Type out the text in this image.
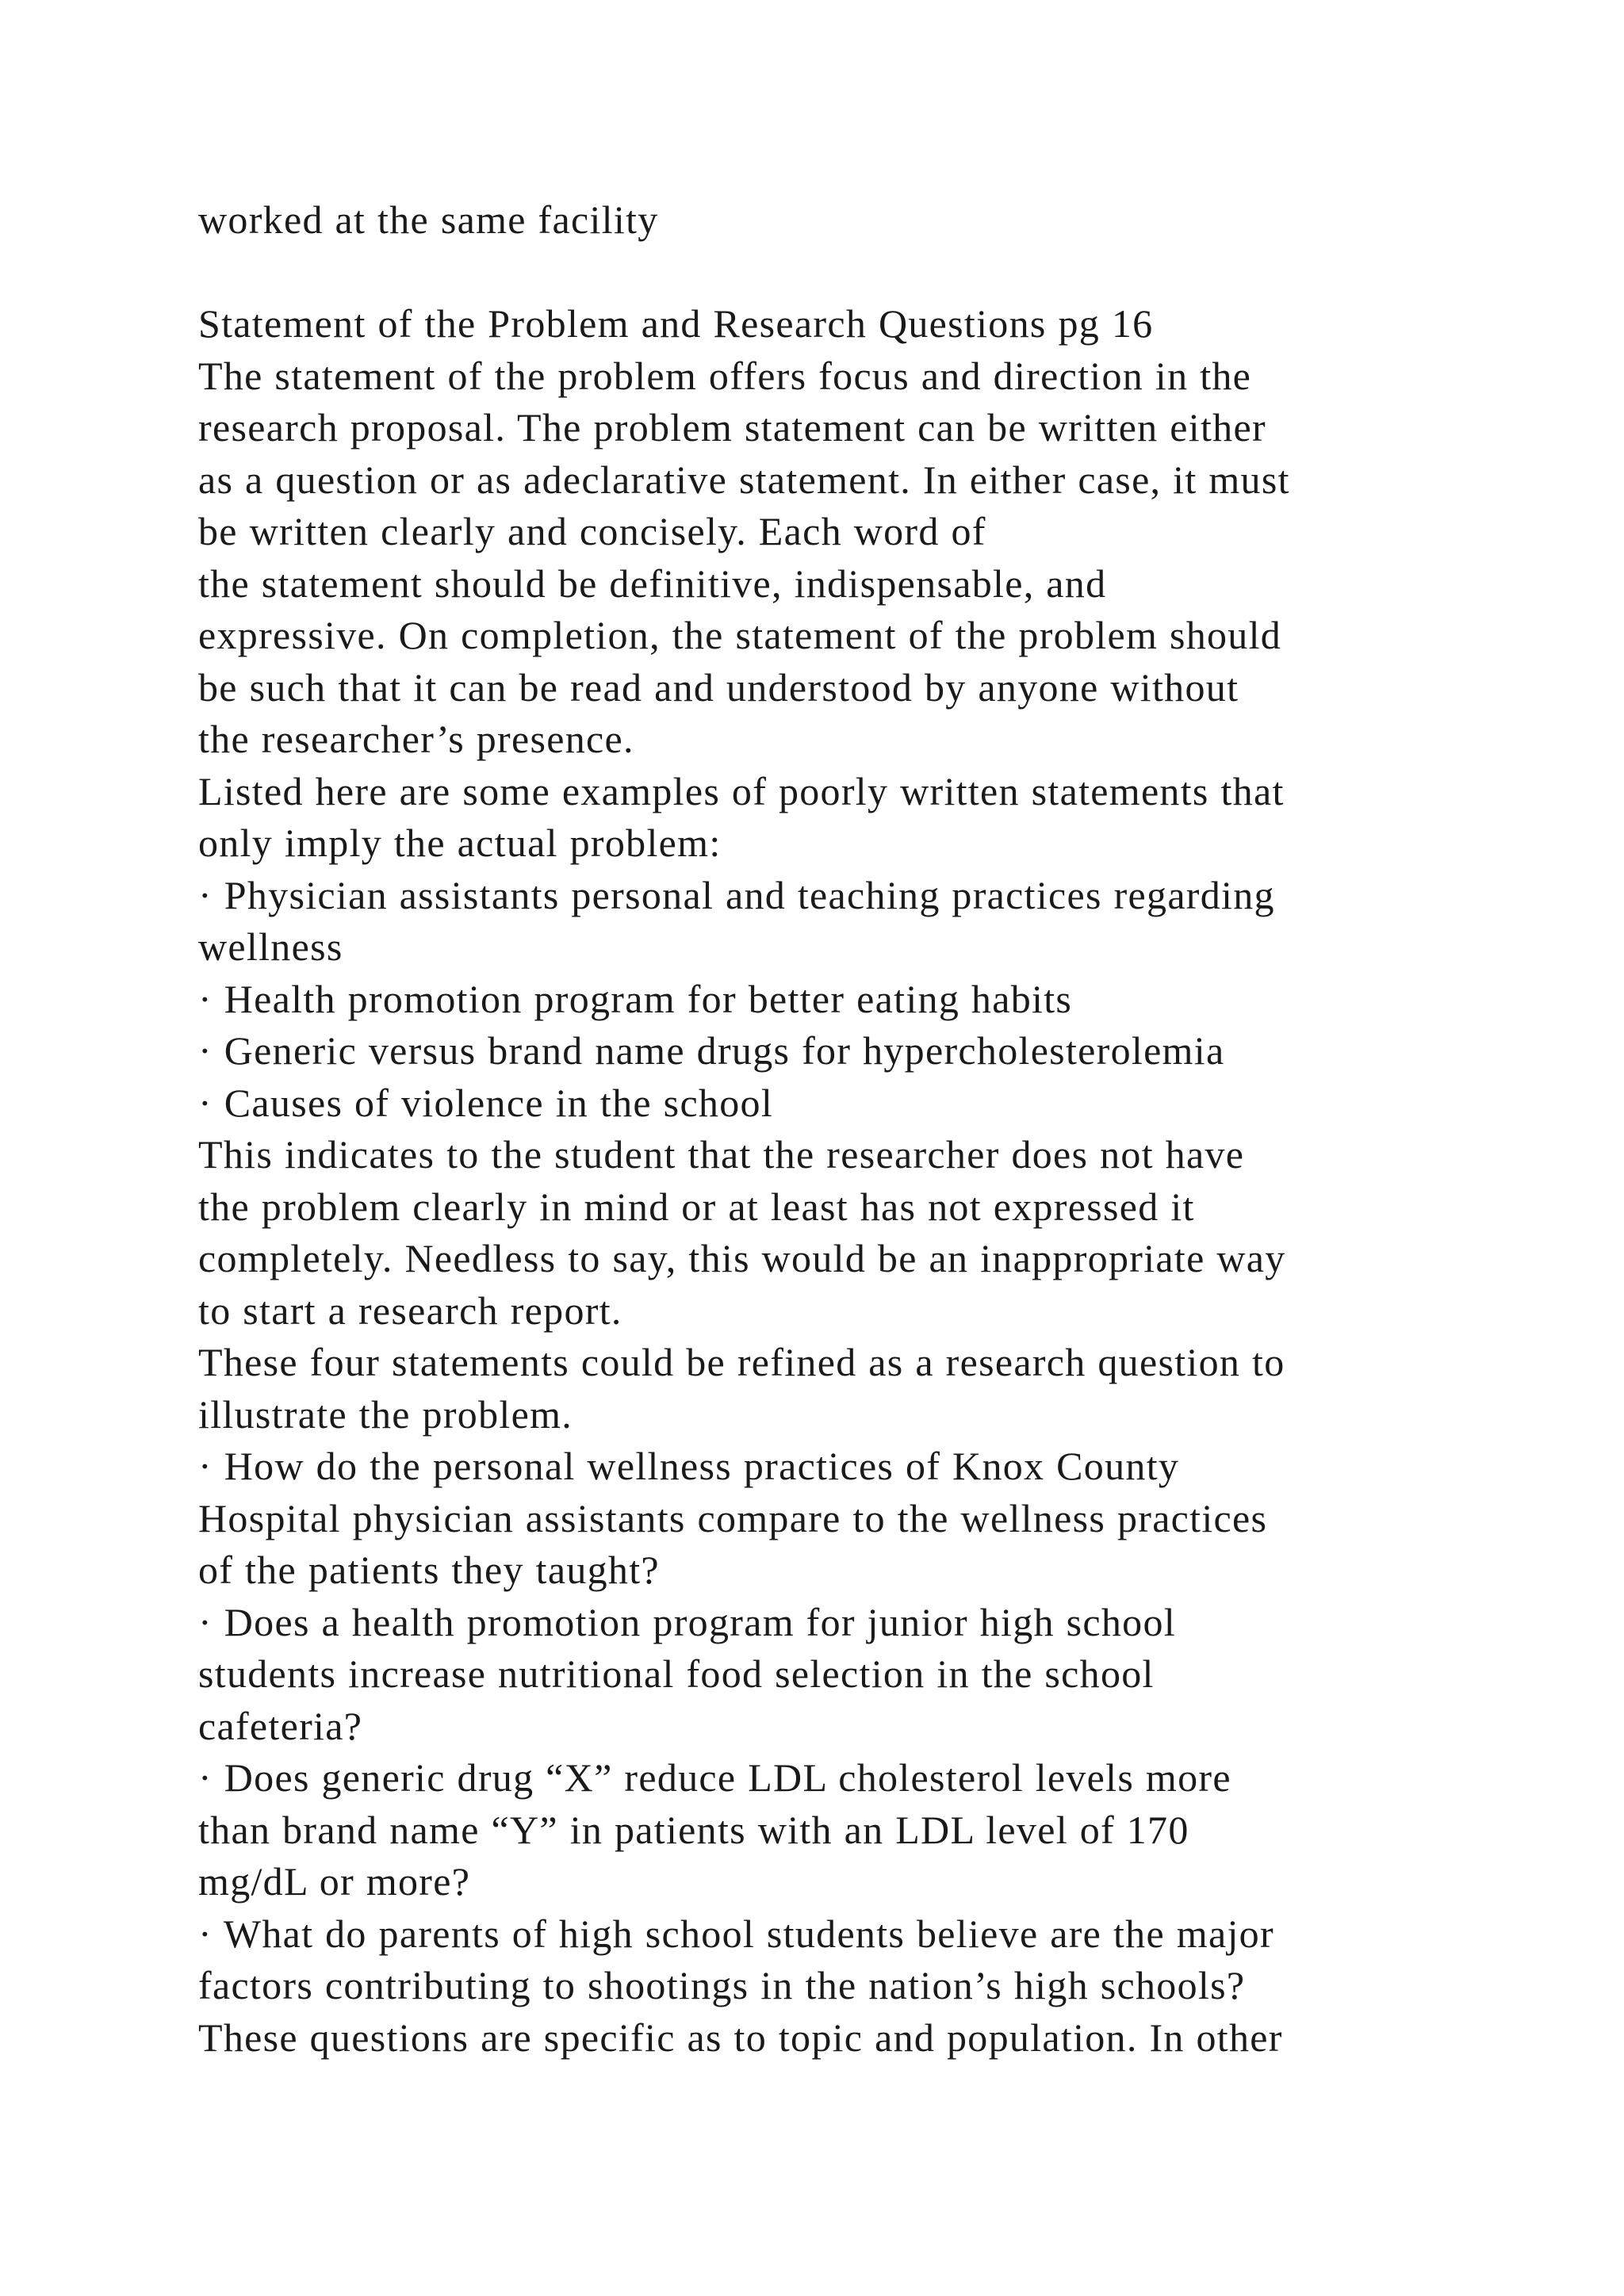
worked at the same facility
Statement of the Problem and Research Questions pg 16
The statement of the problem offers focus and direction in the
research proposal. The problem statement can be written either
as a question or as adeclarative statement. In either case, it must
be written clearly and concisely. Each word of
the statement should be definitive, indispensable, and
expressive. On completion, the statement of the problem should
be such that it can be read and understood by anyone without
the researcher’s presence.
Listed here are some examples of poorly written statements that
only imply the actual problem:
· Physician assistants personal and teaching practices regarding
wellness
· Health promotion program for better eating habits
· Generic versus brand name drugs for hypercholesterolemia
· Causes of violence in the school
This indicates to the student that the researcher does not have
the problem clearly in mind or at least has not expressed it
completely. Needless to say, this would be an inappropriate way
to start a research report.
These four statements could be refined as a research question to
illustrate the problem.
· How do the personal wellness practices of Knox County
Hospital physician assistants compare to the wellness practices
of the patients they taught?
· Does a health promotion program for junior high school
students increase nutritional food selection in the school
cafeteria?
· Does generic drug “X” reduce LDL cholesterol levels more
than brand name “Y” in patients with an LDL level of 170
mg/dL or more?
· What do parents of high school students believe are the major
factors contributing to shootings in the nation’s high schools?
These questions are specific as to topic and population. In other
